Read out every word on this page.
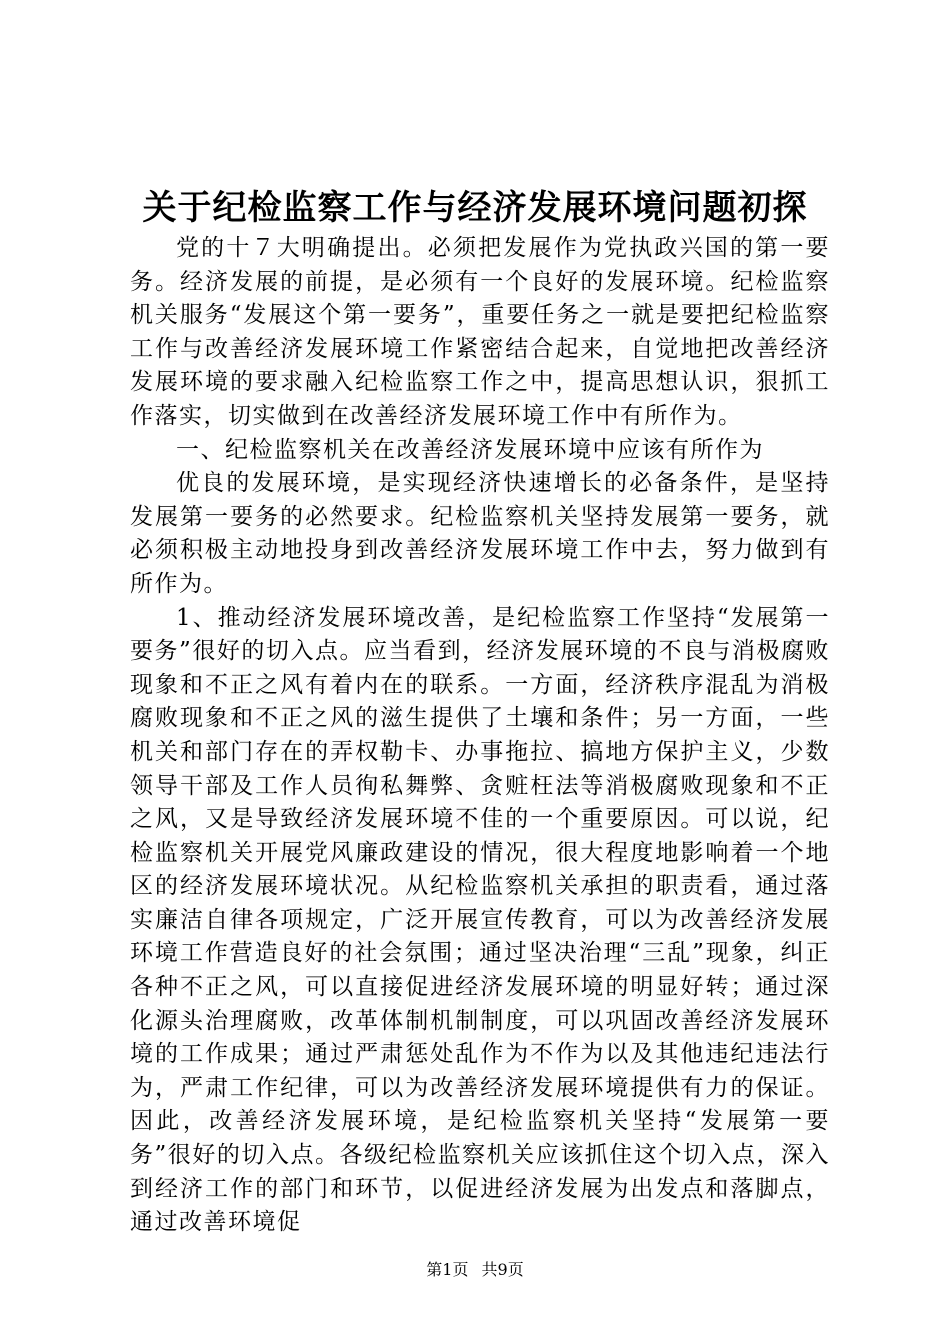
关于纪检监察工作与经济发展环境问题初探

党的十７大明确提出。必须把发展作为党执政兴国的第一要务。经济发展的前提，是必须有一个良好的发展环境。纪检监察机关服务“发展这个第一要务”，重要任务之一就是要把纪检监察工作与改善经济发展环境工作紧密结合起来，自觉地把改善经济发展环境的要求融入纪检监察工作之中，提高思想认识，狠抓工作落实，切实做到在改善经济发展环境工作中有所作为。

一、纪检监察机关在改善经济发展环境中应该有所作为

优良的发展环境，是实现经济快速增长的必备条件，是坚持发展第一要务的必然要求。纪检监察机关坚持发展第一要务，就必须积极主动地投身到改善经济发展环境工作中去，努力做到有所作为。

1、推动经济发展环境改善，是纪检监察工作坚持“发展第一要务”很好的切入点。应当看到，经济发展环境的不良与消极腐败现象和不正之风有着内在的联系。一方面，经济秩序混乱为消极腐败现象和不正之风的滋生提供了土壤和条件；另一方面，一些机关和部门存在的弄权勒卡、办事拖拉、搞地方保护主义，少数领导干部及工作人员徇私舞弊、贪赃枉法等消极腐败现象和不正之风，又是导致经济发展环境不佳的一个重要原因。可以说，纪检监察机关开展党风廉政建设的情况，很大程度地影响着一个地区的经济发展环境状况。从纪检监察机关承担的职责看，通过落实廉洁自律各项规定，广泛开展宣传教育，可以为改善经济发展环境工作营造良好的社会氛围；通过坚决治理“三乱”现象，纠正各种不正之风，可以直接促进经济发展环境的明显好转；通过深化源头治理腐败，改革体制机制制度，可以巩固改善经济发展环境的工作成果；通过严肃惩处乱作为不作为以及其他违纪违法行为，严肃工作纪律，可以为改善经济发展环境提供有力的保证。因此，改善经济发展环境，是纪检监察机关坚持“发展第一要务”很好的切入点。各级纪检监察机关应该抓住这个切入点，深入到经济工作的部门和环节，以促进经济发展为出发点和落脚点，通过改善环境促

第1页 共9页
